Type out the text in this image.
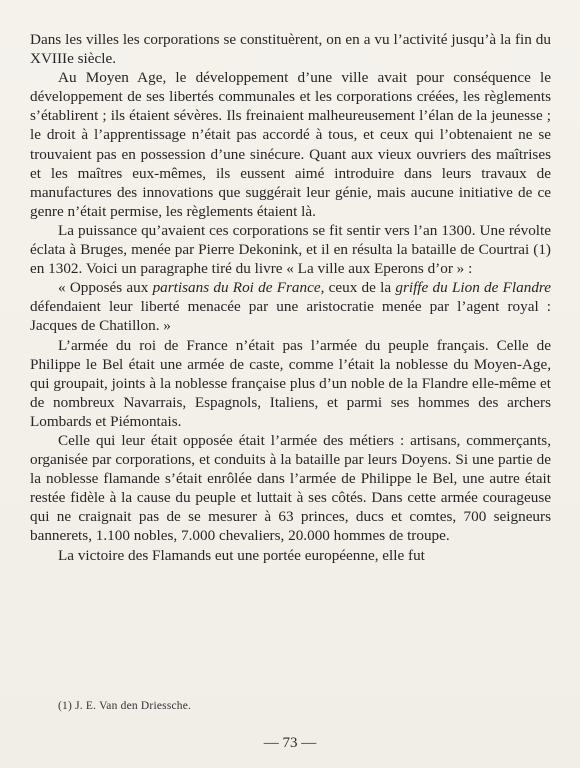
Dans les villes les corporations se constituèrent, on en a vu l’activité jusqu’à la fin du XVIIIe siècle.

Au Moyen Age, le développement d’une ville avait pour conséquence le développement de ses libertés communales et les corporations créées, les règlements s’établirent ; ils étaient sévères. Ils freinaient malheureusement l’élan de la jeunesse ; le droit à l’apprentissage n’était pas accordé à tous, et ceux qui l’obtenaient ne se trouvaient pas en possession d’une sinécure. Quant aux vieux ouvriers des maîtrises et les maîtres eux-mêmes, ils eussent aimé introduire dans leurs travaux de manufactures des innovations que suggérait leur génie, mais aucune initiative de ce genre n’était permise, les règlements étaient là.

La puissance qu’avaient ces corporations se fit sentir vers l’an 1300. Une révolte éclata à Bruges, menée par Pierre Dekonink, et il en résulta la bataille de Courtrai (1) en 1302. Voici un paragraphe tiré du livre « La ville aux Eperons d’or » :

« Opposés aux partisans du Roi de France, ceux de la griffe du Lion de Flandre défendaient leur liberté menacée par une aristocratie menée par l’agent royal : Jacques de Chatillon. »

L’armée du roi de France n’était pas l’armée du peuple français. Celle de Philippe le Bel était une armée de caste, comme l’était la noblesse du Moyen-Age, qui groupait, joints à la noblesse française plus d’un noble de la Flandre elle-même et de nombreux Navarrais, Espagnols, Italiens, et parmi ses hommes des archers Lombards et Piémontais.

Celle qui leur était opposée était l’armée des métiers : artisans, commerçants, organisée par corporations, et conduits à la bataille par leurs Doyens. Si une partie de la noblesse flamande s’était enrôlée dans l’armée de Philippe le Bel, une autre était restée fidèle à la cause du peuple et luttait à ses côtés. Dans cette armée courageuse qui ne craignait pas de se mesurer à 63 princes, ducs et comtes, 700 seigneurs bannerets, 1.100 nobles, 7.000 chevaliers, 20.000 hommes de troupe.

La victoire des Flamands eut une portée européenne, elle fut

(1) J. E. Van den Driessche.
— 73 —
